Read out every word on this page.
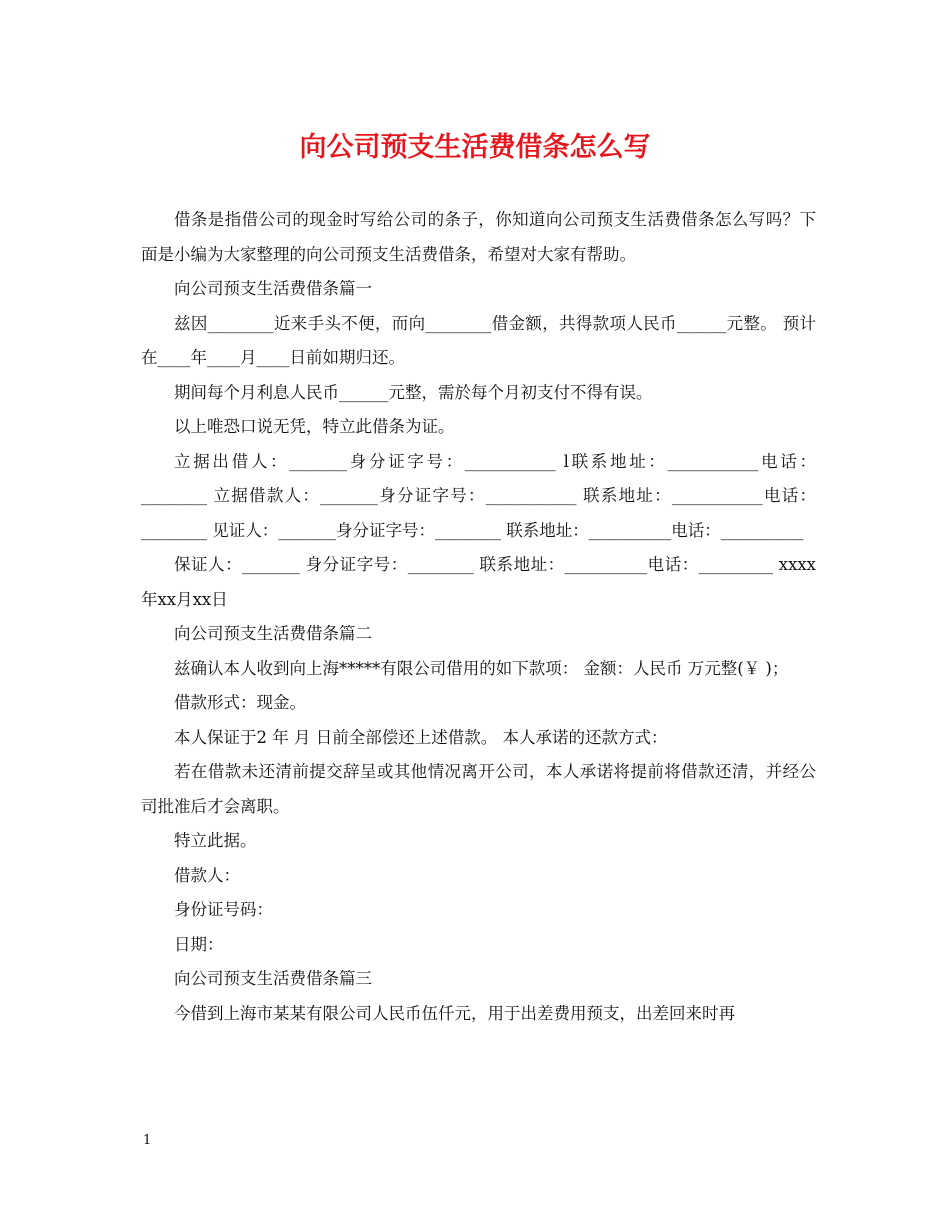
向公司预支生活费借条怎么写

借条是指借公司的现金时写给公司的条子，你知道向公司预支生活费借条怎么写吗？下面是小编为大家整理的向公司预支生活费借条，希望对大家有帮助。

向公司预支生活费借条篇一

兹因________近来手头不便，而向________借金额，共得款项人民币______元整。 预计在____年____月____日前如期归还。

期间每个月利息人民币______元整，需於每个月初支付不得有误。

以上唯恐口说无凭，特立此借条为证。

立据出借人：_______身分证字号：___________ l联系地址：___________电话：________ 立据借款人：_______身分证字号：___________ 联系地址：___________电话：________ 见证人：_______身分证字号：________ 联系地址：__________电话：__________

保证人：_______ 身分证字号：________ 联系地址：__________电话：_________ xxxx年xx月xx日

向公司预支生活费借条篇二

兹确认本人收到向上海*****有限公司借用的如下款项： 金额：人民币 万元整(￥ )；

借款形式：现金。

本人保证于2 年 月 日前全部偿还上述借款。 本人承诺的还款方式：

若在借款未还清前提交辞呈或其他情况离开公司，本人承诺将提前将借款还清，并经公司批准后才会离职。

特立此据。

借款人：

身份证号码：

日期：

向公司预支生活费借条篇三

今借到上海市某某有限公司人民币伍仟元，用于出差费用预支，出差回来时再

1
